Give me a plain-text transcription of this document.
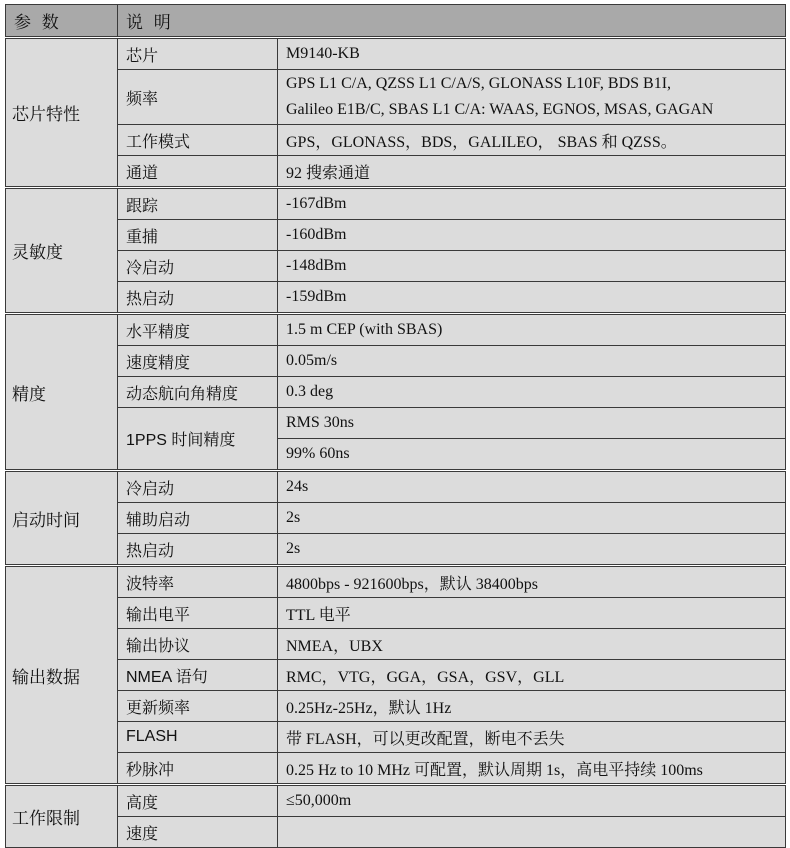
参 数	说 明	
芯片特性	芯片	M9140-KB
	频率	GPS L1 C/A, QZSS L1 C/A/S, GLONASS L10F, BDS B1I,
Galileo E1B/C, SBAS L1 C/A: WAAS, EGNOS, MSAS, GAGAN
	工作模式	GPS，GLONASS，BDS，GALILEO， SBAS 和 QZSS。
	通道	92 搜索通道
灵敏度	跟踪	-167dBm
	重捕	-160dBm
	冷启动	-148dBm
	热启动	-159dBm
精度	水平精度	1.5 m CEP (with SBAS)
	速度精度	0.05m/s
	动态航向角精度	0.3 deg
	1PPS 时间精度	RMS 30ns
		99% 60ns
启动时间	冷启动	24s
	辅助启动	2s
	热启动	2s
输出数据	波特率	4800bps - 921600bps，默认 38400bps
	输出电平	TTL 电平
	输出协议	NMEA，UBX
	NMEA 语句	RMC，VTG，GGA，GSA，GSV，GLL
	更新频率	0.25Hz-25Hz，默认 1Hz
	FLASH	带 FLASH，可以更改配置，断电不丢失
	秒脉冲	0.25 Hz to 10 MHz 可配置，默认周期 1s，高电平持续 100ms
工作限制	高度	≤50,000m
	速度	
